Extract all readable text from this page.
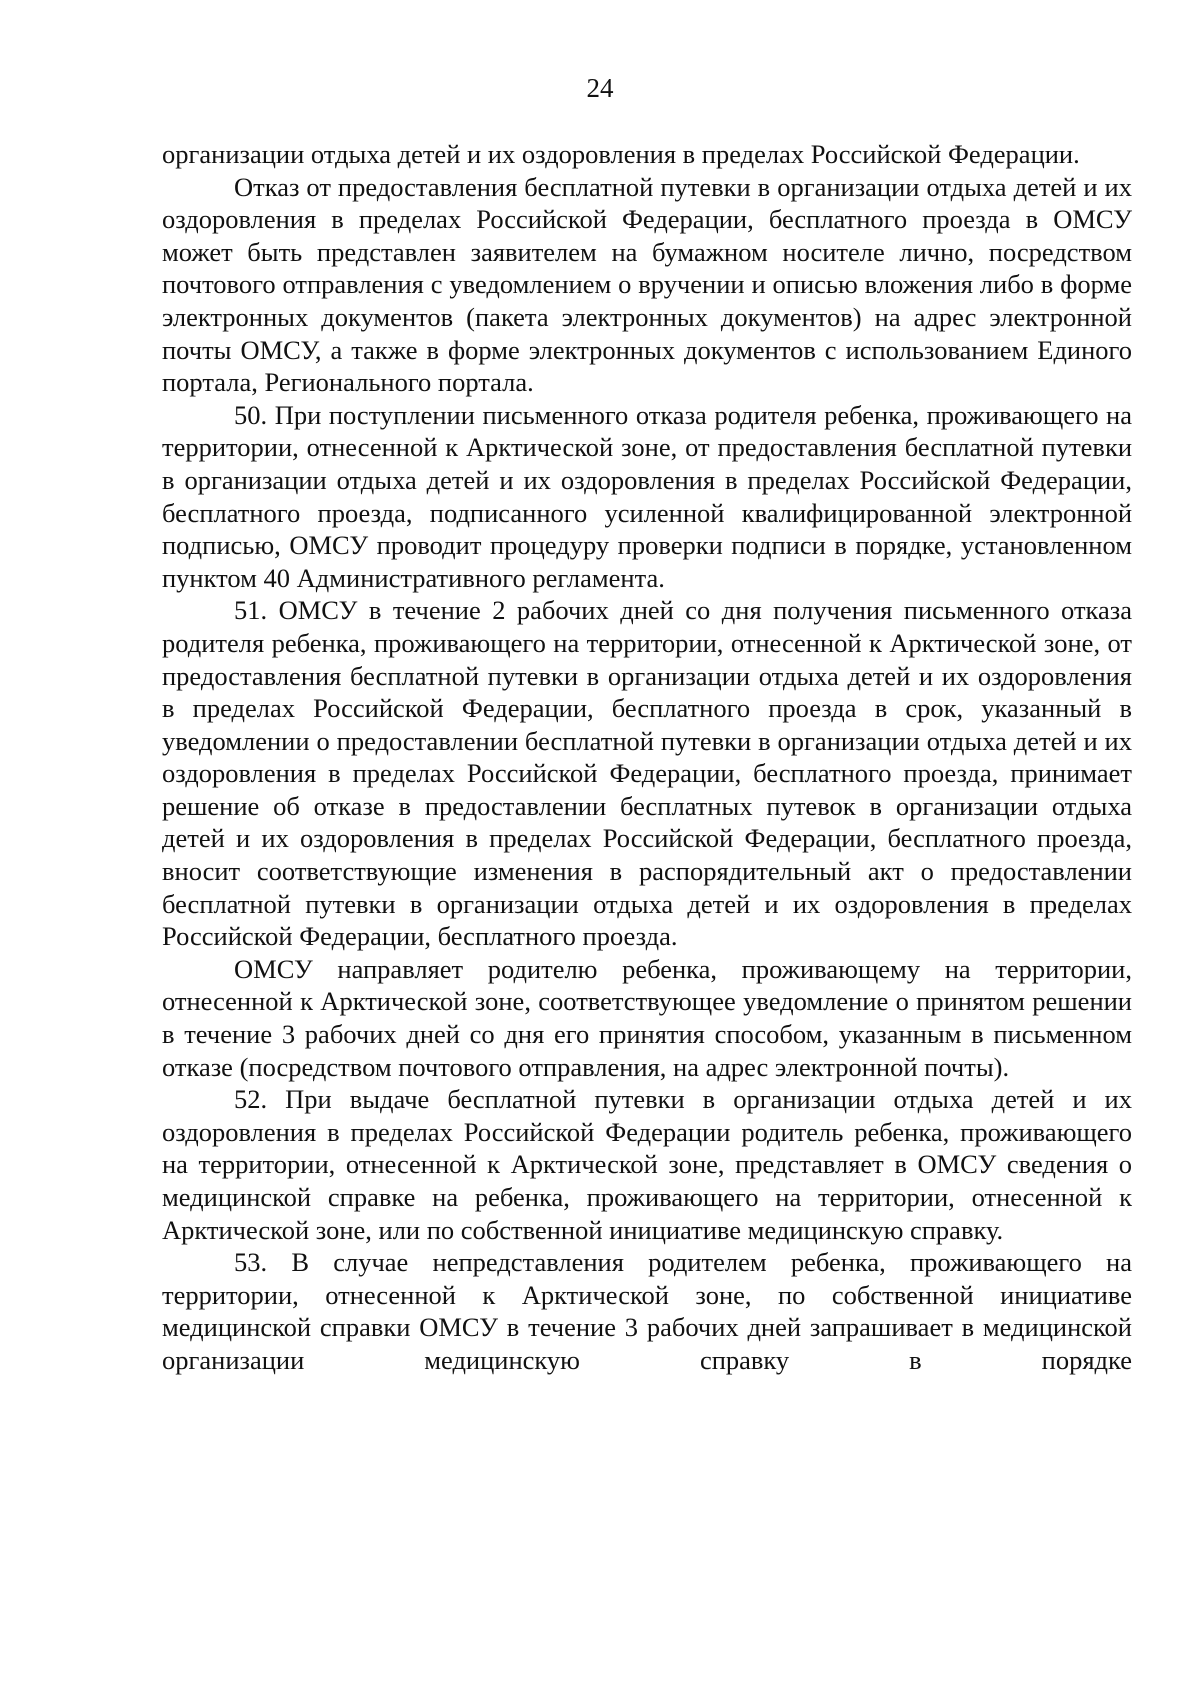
24

организации отдыха детей и их оздоровления в пределах Российской Федерации.

Отказ от предоставления бесплатной путевки в организации отдыха детей и их оздоровления в пределах Российской Федерации, бесплатного проезда в ОМСУ может быть представлен заявителем на бумажном носителе лично, посредством почтового отправления с уведомлением о вручении и описью вложения либо в форме электронных документов (пакета электронных документов) на адрес электронной почты ОМСУ, а также в форме электронных документов с использованием Единого портала, Регионального портала.

50. При поступлении письменного отказа родителя ребенка, проживающего на территории, отнесенной к Арктической зоне, от предоставления бесплатной путевки в организации отдыха детей и их оздоровления в пределах Российской Федерации, бесплатного проезда, подписанного усиленной квалифицированной электронной подписью, ОМСУ проводит процедуру проверки подписи в порядке, установленном пунктом 40 Административного регламента.

51. ОМСУ в течение 2 рабочих дней со дня получения письменного отказа родителя ребенка, проживающего на территории, отнесенной к Арктической зоне, от предоставления бесплатной путевки в организации отдыха детей и их оздоровления в пределах Российской Федерации, бесплатного проезда в срок, указанный в уведомлении о предоставлении бесплатной путевки в организации отдыха детей и их оздоровления в пределах Российской Федерации, бесплатного проезда, принимает решение об отказе в предоставлении бесплатных путевок в организации отдыха детей и их оздоровления в пределах Российской Федерации, бесплатного проезда, вносит соответствующие изменения в распорядительный акт о предоставлении бесплатной путевки в организации отдыха детей и их оздоровления в пределах Российской Федерации, бесплатного проезда.

ОМСУ направляет родителю ребенка, проживающему на территории, отнесенной к Арктической зоне, соответствующее уведомление о принятом решении в течение 3 рабочих дней со дня его принятия способом, указанным в письменном отказе (посредством почтового отправления, на адрес электронной почты).

52. При выдаче бесплатной путевки в организации отдыха детей и их оздоровления в пределах Российской Федерации родитель ребенка, проживающего на территории, отнесенной к Арктической зоне, представляет в ОМСУ сведения о медицинской справке на ребенка, проживающего на территории, отнесенной к Арктической зоне, или по собственной инициативе медицинскую справку.

53. В случае непредставления родителем ребенка, проживающего на территории, отнесенной к Арктической зоне, по собственной инициативе медицинской справки ОМСУ в течение 3 рабочих дней запрашивает в медицинской организации медицинскую справку в порядке
